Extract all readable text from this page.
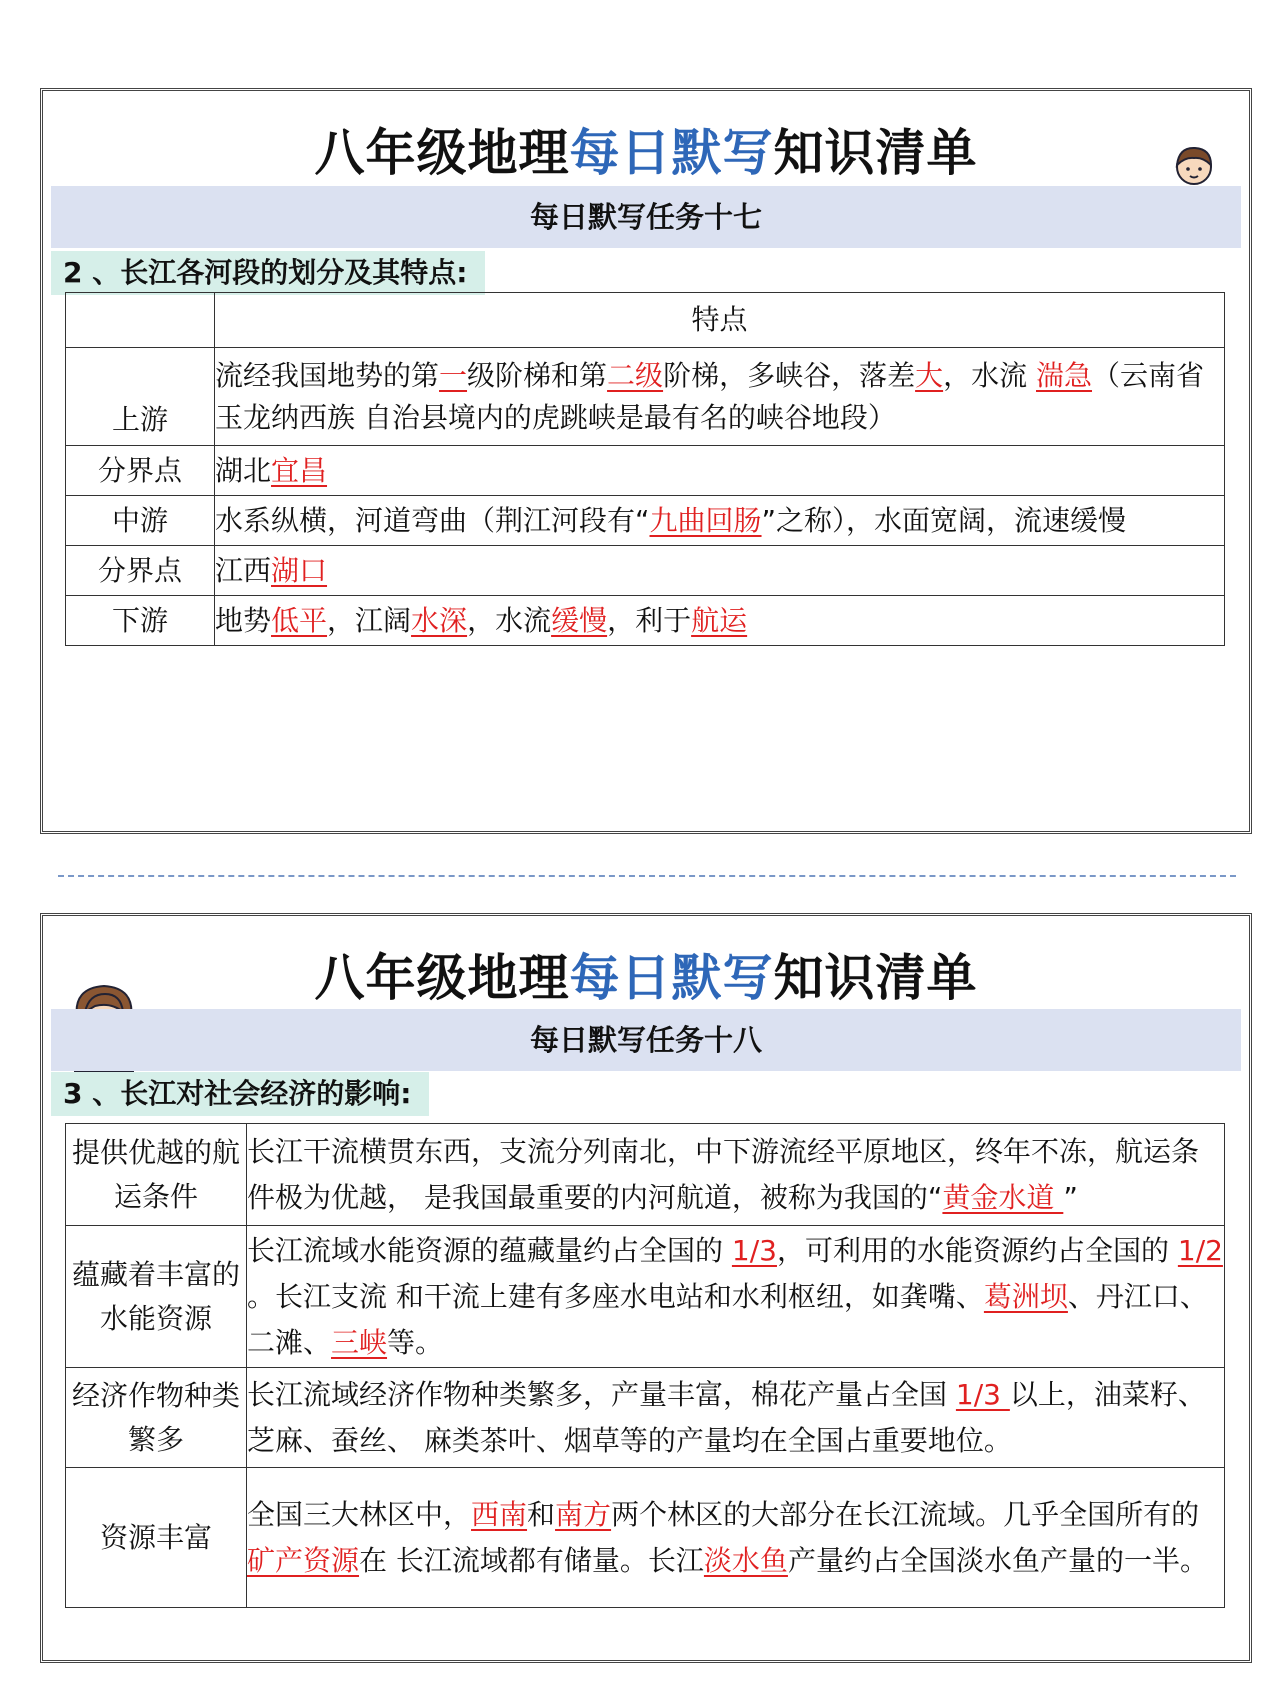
八年级地理每日默写知识清单
每日默写任务十七
2 、长江各河段的划分及其特点:
	特点
上游	流经我国地势的第一级阶梯和第二级阶梯，多峡谷，落差大，水流 湍急（云南省玉龙纳西族 自治县境内的虎跳峡是最有名的峡谷地段）
分界点	湖北宜昌
中游	水系纵横，河道弯曲（荆江河段有“九曲回肠”之称），水面宽阔，流速缓慢
分界点	江西湖口
下游	地势低平，江阔水深，水流缓慢，利于航运
八年级地理每日默写知识清单
每日默写任务十八
3 、长江对社会经济的影响:
提供优越的航运条件	长江干流横贯东西，支流分列南北，中下游流经平原地区，终年不冻，航运条件极为优越， 是我国最重要的内河航道，被称为我国的“黄金水道 ”
蕴藏着丰富的水能资源	长江流域水能资源的蕴藏量约占全国的 1/3，可利用的水能资源约占全国的 1/2 。长江支流 和干流上建有多座水电站和水利枢纽，如龚嘴、葛洲坝、丹江口、二滩、三峡等。
经济作物种类繁多	长江流域经济作物种类繁多，产量丰富，棉花产量占全国 1/3 以上，油菜籽、芝麻、蚕丝、 麻类茶叶、烟草等的产量均在全国占重要地位。
资源丰富	全国三大林区中，西南和南方两个林区的大部分在长江流域。几乎全国所有的矿产资源在 长江流域都有储量。长江淡水鱼产量约占全国淡水鱼产量的一半。
